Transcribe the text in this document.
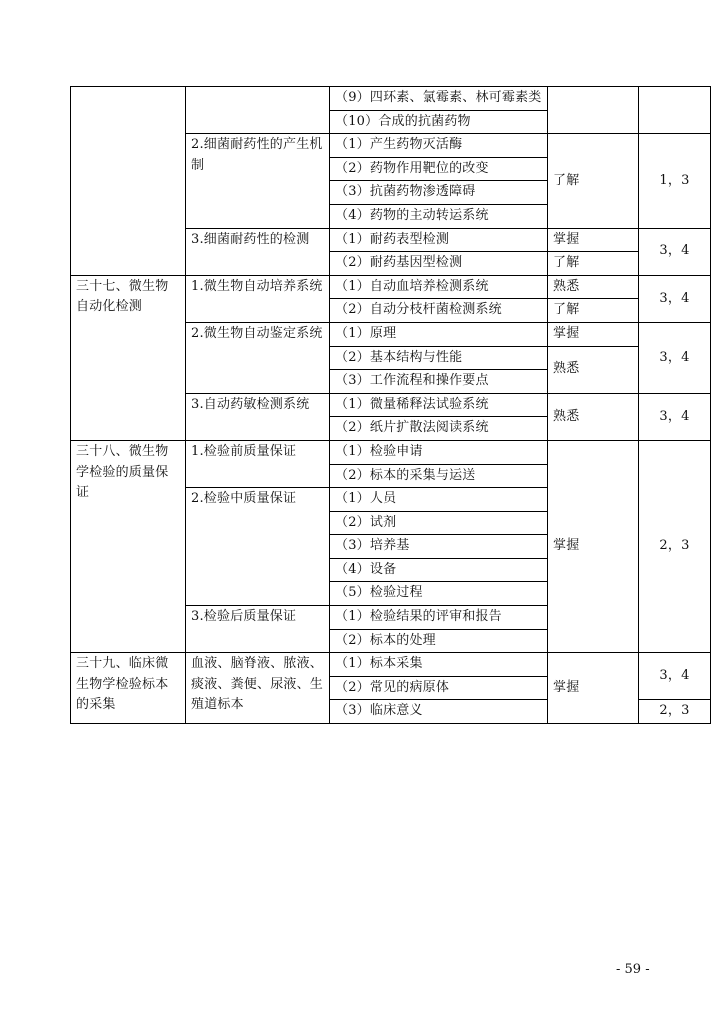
		（9）四环素、氯霉素、林可霉素类		
		（10）合成的抗菌药物		
	2.细菌耐药性的产生机制	（1）产生药物灭活酶	了解	1，3
		（2）药物作用靶位的改变		
		（3）抗菌药物渗透障碍		
		（4）药物的主动转运系统		
	3.细菌耐药性的检测	（1）耐药表型检测	掌握	3，4
		（2）耐药基因型检测	了解	
三十七、微生物自动化检测	1.微生物自动培养系统	（1）自动血培养检测系统	熟悉	3，4
		（2）自动分枝杆菌检测系统	了解	
	2.微生物自动鉴定系统	（1）原理	掌握	3，4
		（2）基本结构与性能	熟悉	
		（3）工作流程和操作要点		
	3.自动药敏检测系统	（1）微量稀释法试验系统	熟悉	3，4
		（2）纸片扩散法阅读系统		
三十八、微生物学检验的质量保证	1.检验前质量保证	（1）检验申请	掌握	2，3
		（2）标本的采集与运送		
	2.检验中质量保证	（1）人员		
		（2）试剂		
		（3）培养基		
		（4）设备		
		（5）检验过程		
	3.检验后质量保证	（1）检验结果的评审和报告		
		（2）标本的处理		
三十九、临床微生物学检验标本的采集	血液、脑脊液、脓液、痰液、粪便、尿液、生殖道标本	（1）标本采集	掌握	3，4
		（2）常见的病原体		
		（3）临床意义		2，3
- 59 -
